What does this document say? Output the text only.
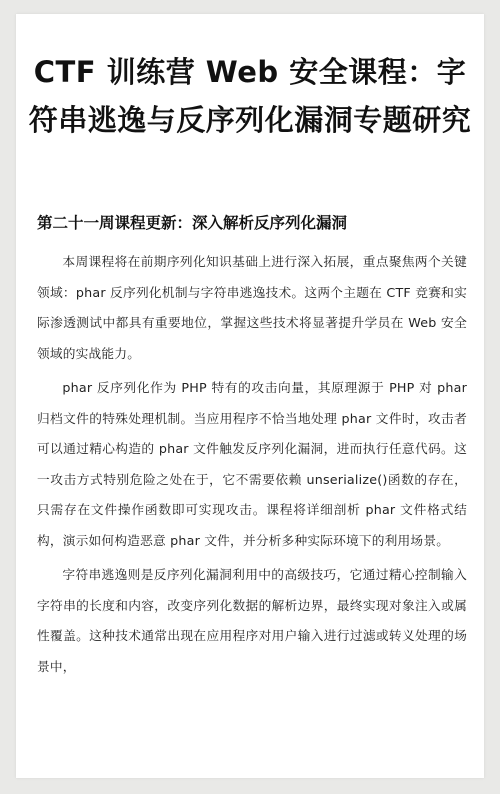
CTF 训练营 Web 安全课程：字符串逃逸与反序列化漏洞专题研究
第二十一周课程更新：深入解析反序列化漏洞

本周课程将在前期序列化知识基础上进行深入拓展，重点聚焦两个关键领域：phar 反序列化机制与字符串逃逸技术。这两个主题在 CTF 竞赛和实际渗透测试中都具有重要地位，掌握这些技术将显著提升学员在 Web 安全领域的实战能力。

phar 反序列化作为 PHP 特有的攻击向量，其原理源于 PHP 对 phar 归档文件的特殊处理机制。当应用程序不恰当地处理 phar 文件时，攻击者可以通过精心构造的 phar 文件触发反序列化漏洞，进而执行任意代码。这一攻击方式特别危险之处在于，它不需要依赖 unserialize()函数的存在，只需存在文件操作函数即可实现攻击。课程将详细剖析 phar 文件格式结构，演示如何构造恶意 phar 文件，并分析多种实际环境下的利用场景。

字符串逃逸则是反序列化漏洞利用中的高级技巧，它通过精心控制输入字符串的长度和内容，改变序列化数据的解析边界，最终实现对象注入或属性覆盖。这种技术通常出现在应用程序对用户输入进行过滤或转义处理的场景中，
